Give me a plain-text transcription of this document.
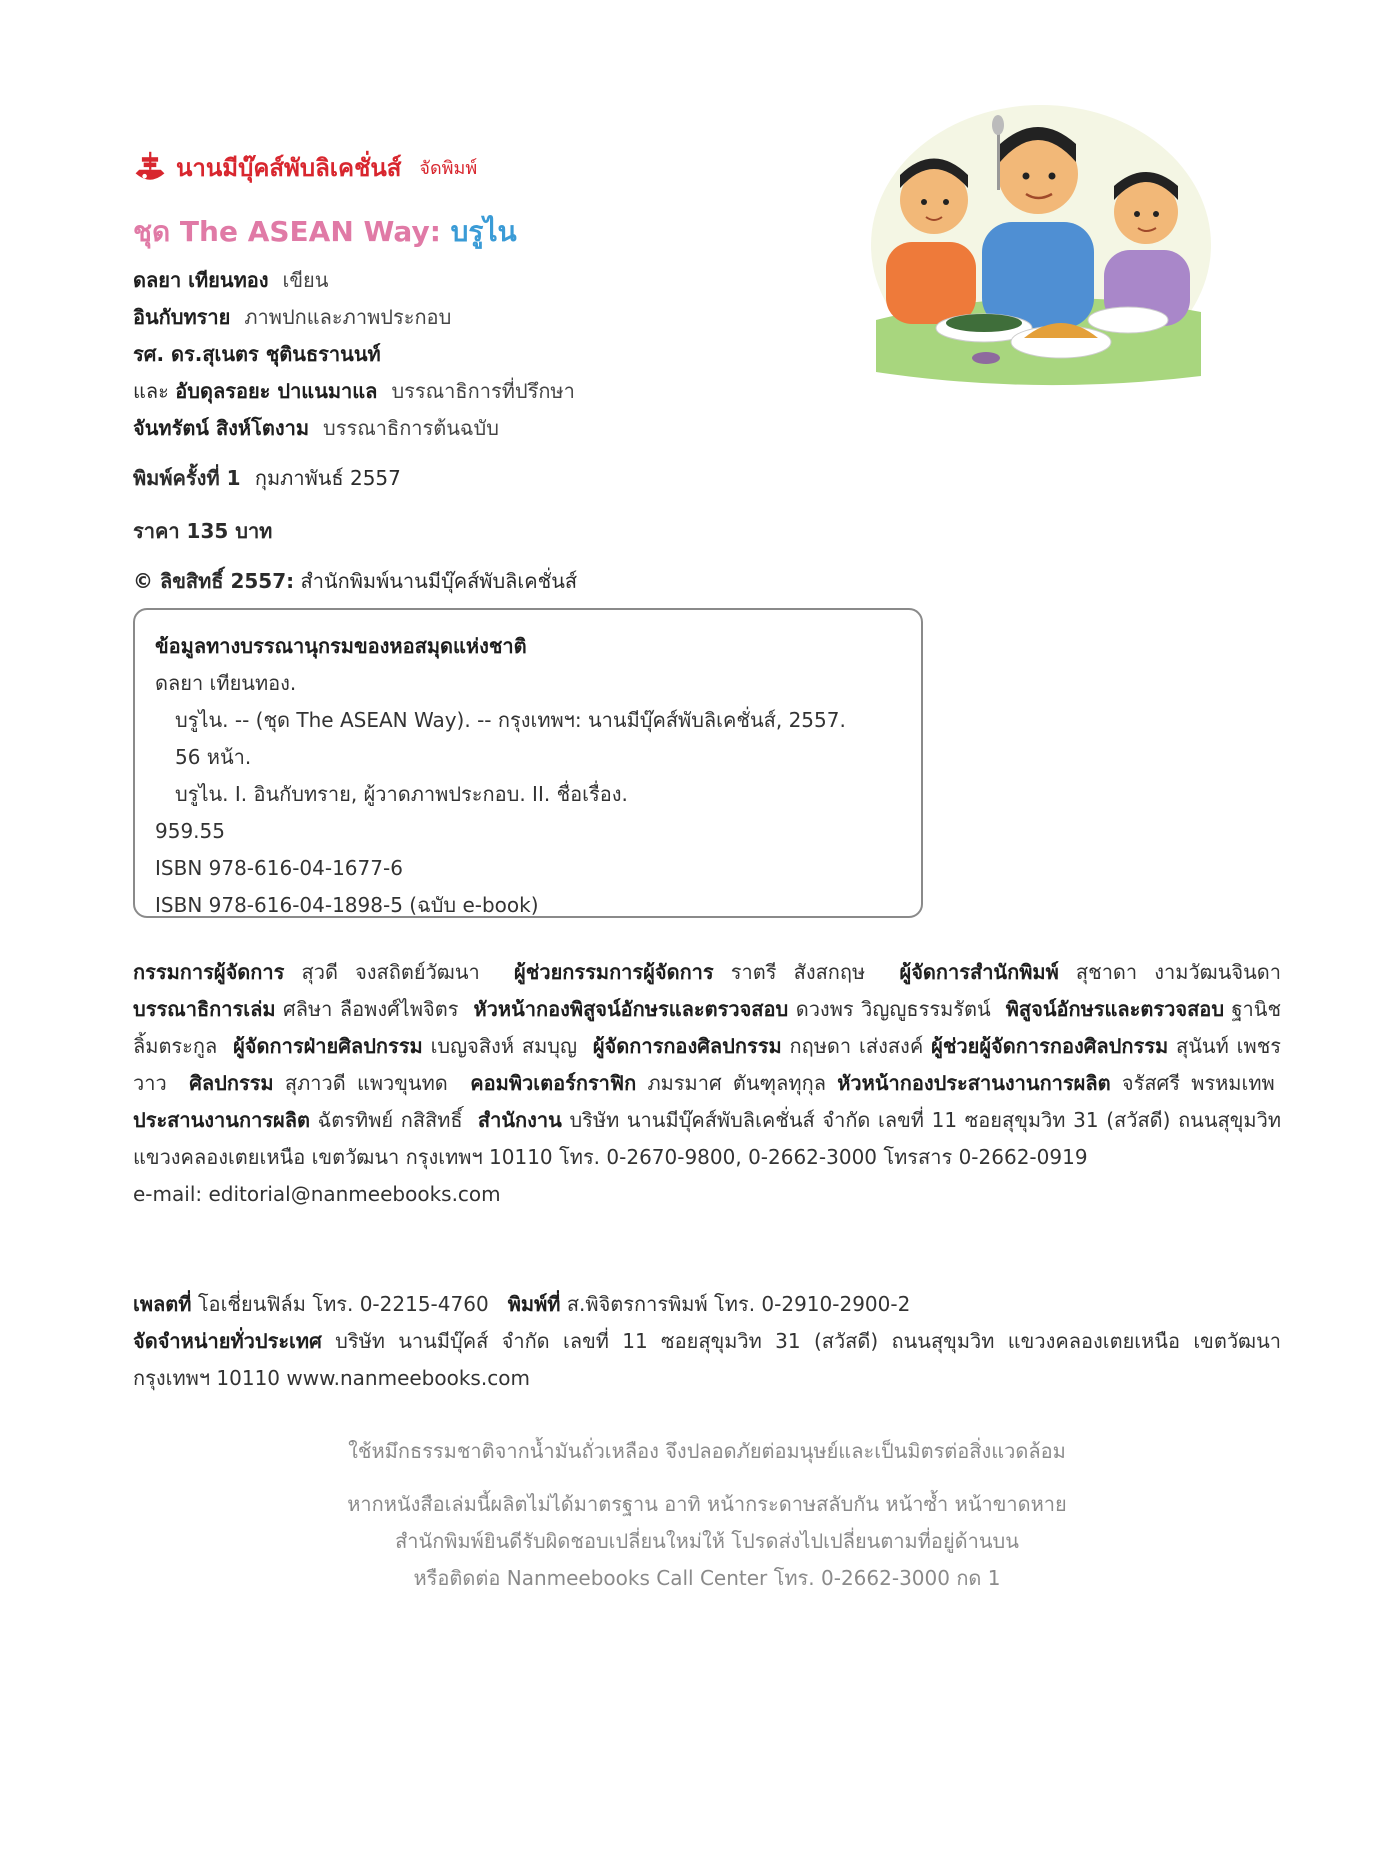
นานมีบุ๊คส์พับลิเคชั่นส์ จัดพิมพ์
ชุด The ASEAN Way: บรูไน
ดลยา เทียนทอง เขียน
อินกับทราย ภาพปกและภาพประกอบ
รศ. ดร.สุเนตร ชุตินธรานนท์
และ อับดุลรอยะ ปาแนมาแล บรรณาธิการที่ปรึกษา
จันทรัตน์ สิงห์โตงาม บรรณาธิการต้นฉบับ
พิมพ์ครั้งที่ 1 กุมภาพันธ์ 2557
ราคา 135 บาท
© ลิขสิทธิ์ 2557: สำนักพิมพ์นานมีบุ๊คส์พับลิเคชั่นส์
ข้อมูลทางบรรณานุกรมของหอสมุดแห่งชาติ
ดลยา เทียนทอง.
บรูไน. -- (ชุด The ASEAN Way). -- กรุงเทพฯ: นานมีบุ๊คส์พับลิเคชั่นส์, 2557.
56 หน้า.
บรูไน. I. อินกับทราย, ผู้วาดภาพประกอบ. II. ชื่อเรื่อง.
959.55
ISBN 978-616-04-1677-6
ISBN 978-616-04-1898-5 (ฉบับ e-book)
กรรมการผู้จัดการ สุวดี จงสถิตย์วัฒนา ผู้ช่วยกรรมการผู้จัดการ ราตรี สังสกฤษ ผู้จัดการสำนักพิมพ์ สุชาดา งามวัฒนจินดา บรรณาธิการเล่ม ศลิษา ลือพงศ์ไพจิตร หัวหน้ากองพิสูจน์อักษรและตรวจสอบ ดวงพร วิญญูธรรมรัตน์ พิสูจน์อักษรและตรวจสอบ ฐานิช ลิ้มตระกูล ผู้จัดการฝ่ายศิลปกรรม เบญจสิงห์ สมบุญ ผู้จัดการกองศิลปกรรม กฤษดา เส่งสงค์ ผู้ช่วยผู้จัดการกองศิลปกรรม สุนันท์ เพชรวาว ศิลปกรรม สุภาวดี แพวขุนทด คอมพิวเตอร์กราฟิก ภมรมาศ ตันฑุลทุกุล หัวหน้ากองประสานงานการผลิต จรัสศรี พรหมเทพ  ประสานงานการผลิต ฉัตรทิพย์ กสิสิทธิ์ สำนักงาน บริษัท นานมีบุ๊คส์พับลิเคชั่นส์ จำกัด เลขที่ 11 ซอยสุขุมวิท 31 (สวัสดี) ถนนสุขุมวิท แขวงคลองเตยเหนือ เขตวัฒนา กรุงเทพฯ 10110 โทร. 0-2670-9800, 0-2662-3000 โทรสาร 0-2662-0919
e-mail: editorial@nanmeebooks.com
เพลตที่ โอเชี่ยนฟิล์ม โทร. 0-2215-4760 พิมพ์ที่ ส.พิจิตรการพิมพ์ โทร. 0-2910-2900-2
จัดจำหน่ายทั่วประเทศ บริษัท นานมีบุ๊คส์ จำกัด เลขที่ 11 ซอยสุขุมวิท 31 (สวัสดี) ถนนสุขุมวิท แขวงคลองเตยเหนือ เขตวัฒนา กรุงเทพฯ 10110 www.nanmeebooks.com
ใช้หมึกธรรมชาติจากน้ำมันถั่วเหลือง จึงปลอดภัยต่อมนุษย์และเป็นมิตรต่อสิ่งแวดล้อม
หากหนังสือเล่มนี้ผลิตไม่ได้มาตรฐาน อาทิ หน้ากระดาษสลับกัน หน้าซ้ำ หน้าขาดหาย
สำนักพิมพ์ยินดีรับผิดชอบเปลี่ยนใหม่ให้ โปรดส่งไปเปลี่ยนตามที่อยู่ด้านบน
หรือติดต่อ Nanmeebooks Call Center โทร. 0-2662-3000 กด 1
